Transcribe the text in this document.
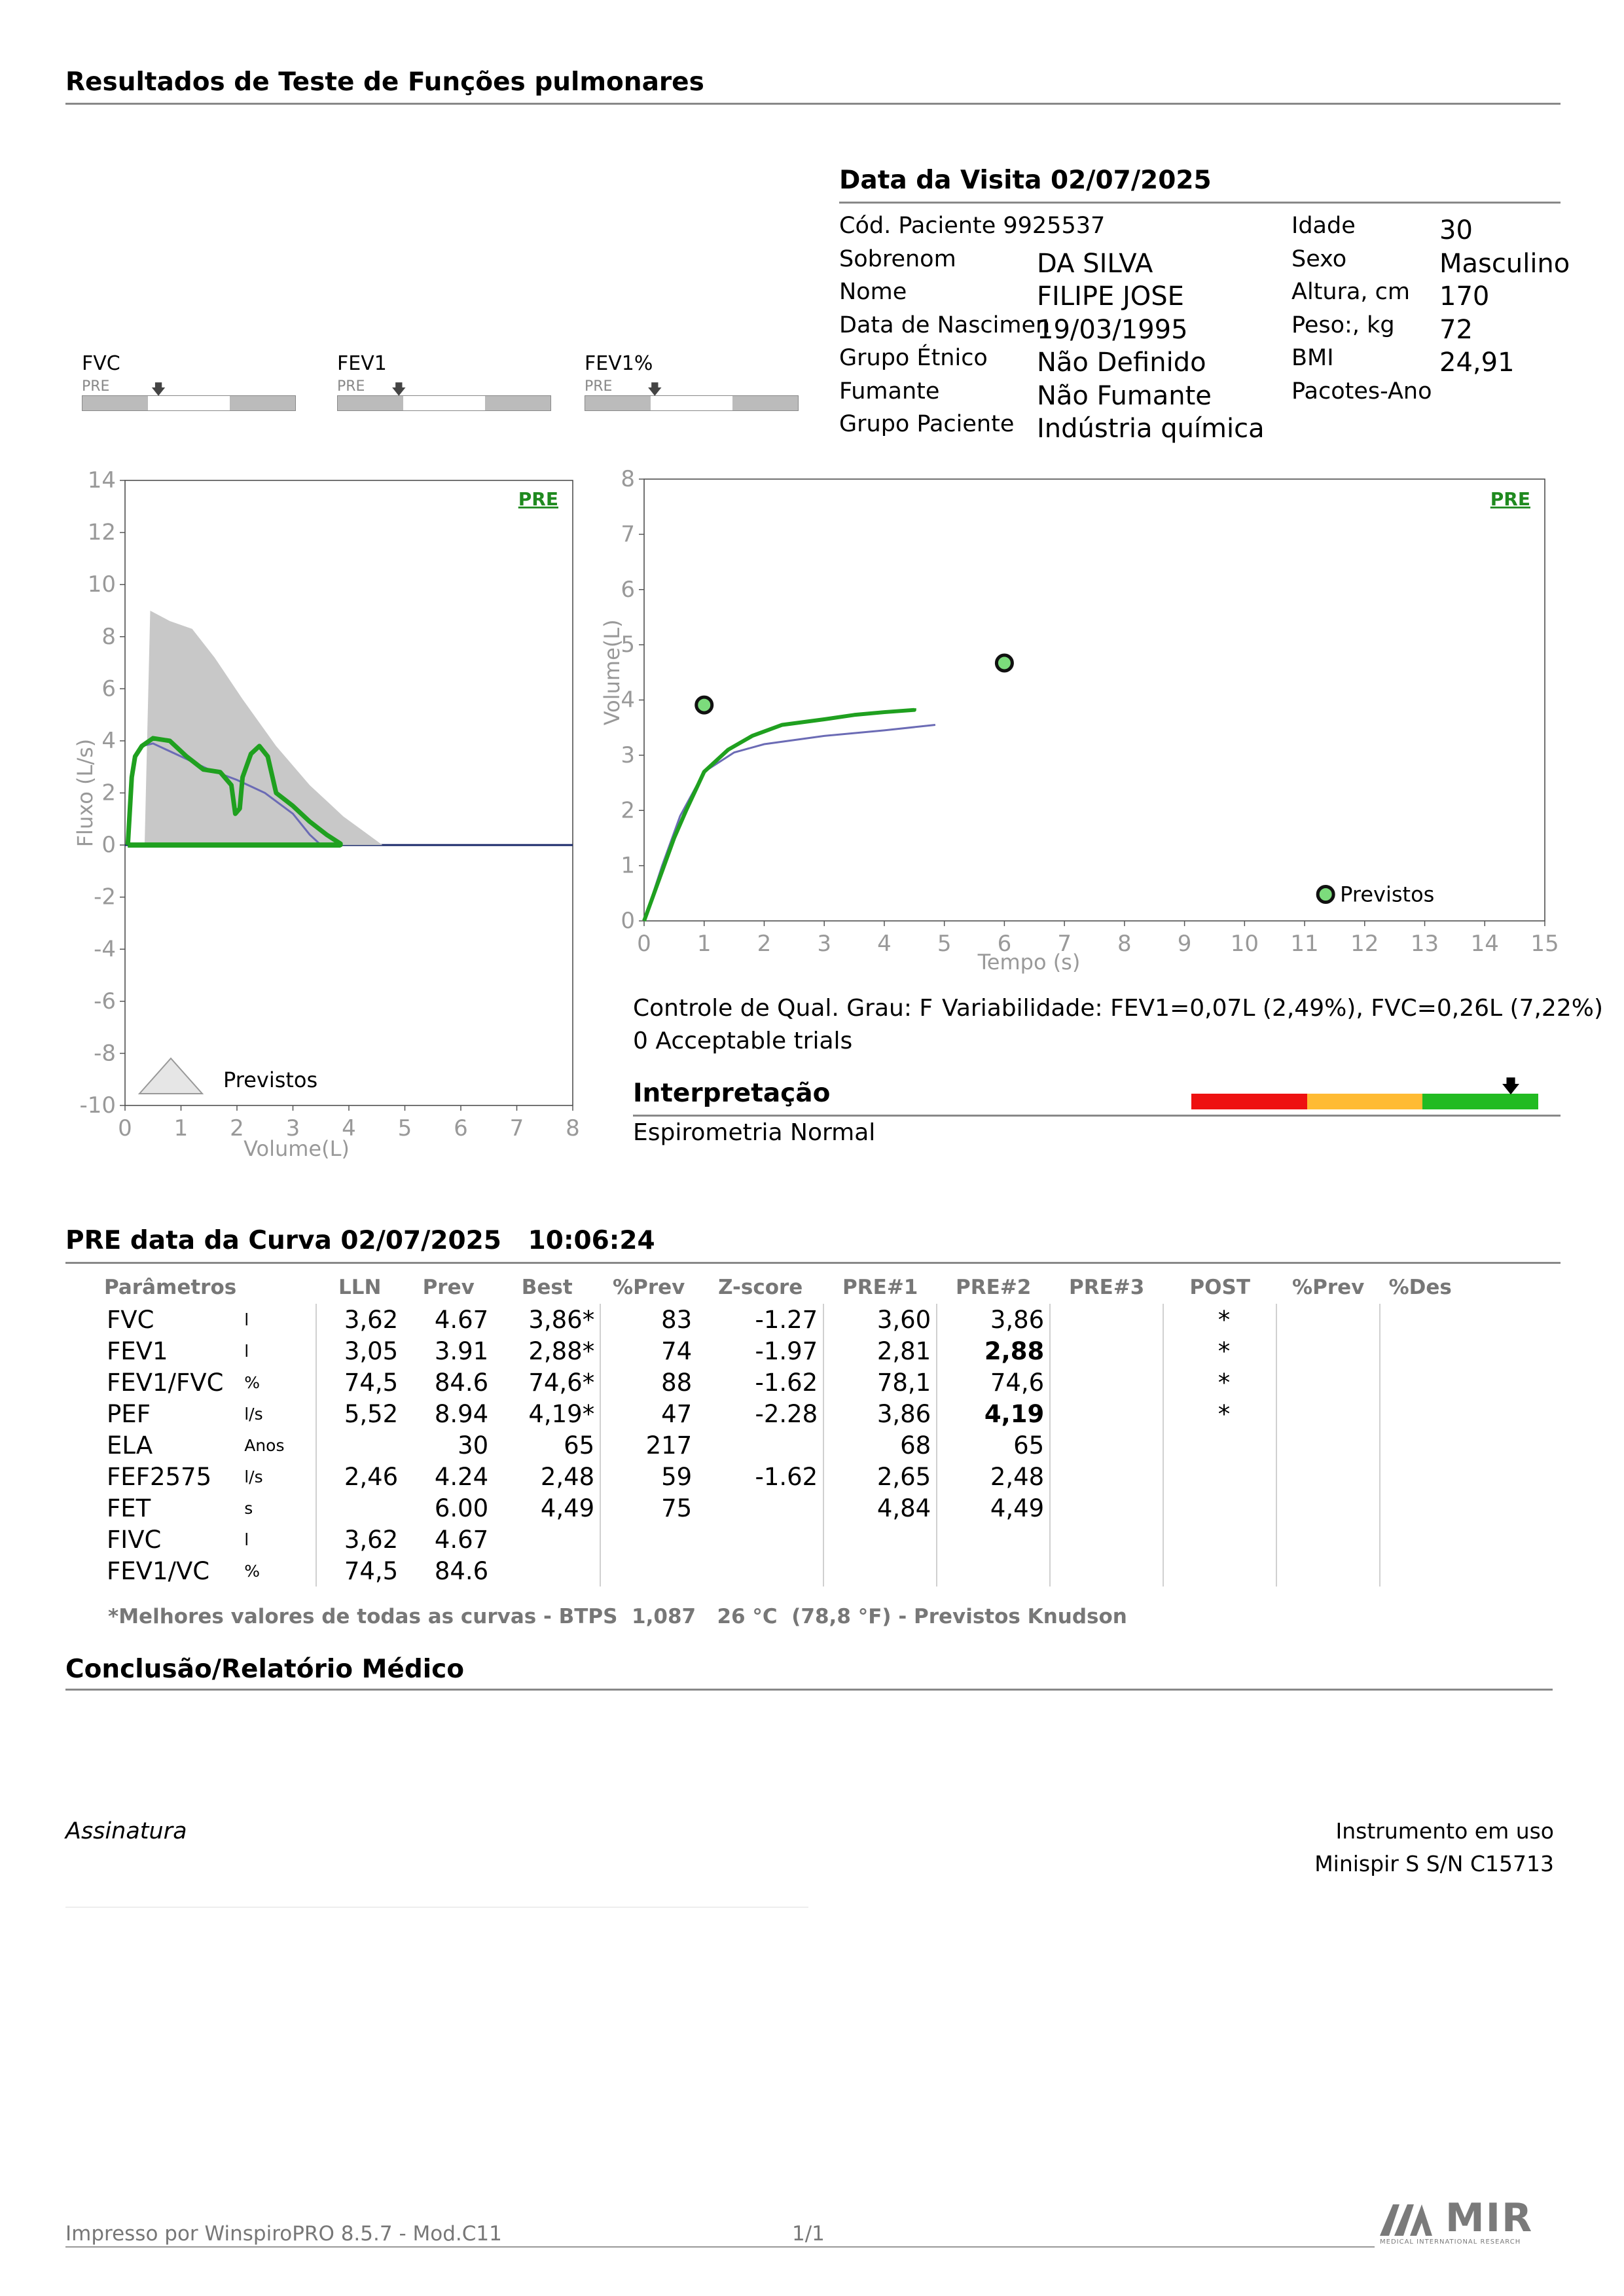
Resultados de Teste de Funções pulmonares
Data da Visita 02/07/2025
Cód. Paciente 9925537
Sobrenom	DA SILVA
Nome	FILIPE JOSE
Data de Nascimen
19/03/1995
Grupo Étnico Não Definido
Fumante	Não Fumante
Grupo Paciente Indústria química
Idade	30
Sexo	Masculino
Altura, cm 170
Peso:, kg 72
BMI	24,91
Pacotes-Ano
FVC
PRE	🡇
FEV1
PRE 🡇
FEV1%
PRE 🡇
14
12
10
8
6
4
2
0
-2
-4
-6
-8
-10
0 1 2 3 4 5 6 7 8
Volume(L)
Fluxo (L/s)
PRE
Previstos
8
7
6
5
4
3
2
1
0
0 1 2 3 4 5 6 7 8 9 10 11 12 13 14 15
Tempo (s)
Volume(L)
PRE
Previstos
Controle de Qual. Grau: F Variabilidade: FEV1=0,07L (2,49%), FVC=0,26L (7,22%)
0 Acceptable trials
Interpretação	🡇
Espirometria Normal
PRE data da Curva 02/07/2025   10:06:24
Parâmetros		LLN	Prev	Best	%Prev	Z-score	PRE#1	PRE#2	PRE#3	POST	%Prev	%Des
FVC	l	3,62	4.67	3,86*	83	-1.27	3,60	3,86		*		
FEV1	l	3,05	3.91	2,88*	74	-1.97	2,81	2,88		*		
FEV1/FVC	%	74,5	84.6	74,6*	88	-1.62	78,1	74,6		*		
PEF	l/s	5,52	8.94	4,19*	47	-2.28	3,86	4,19		*		
ELA	Anos		30	65	217		68	65				
FEF2575	l/s	2,46	4.24	2,48	59	-1.62	2,65	2,48				
FET	s		6.00	4,49	75		4,84	4,49				
FIVC	l	3,62	4.67									
FEV1/VC	%	74,5	84.6									
*Melhores valores de todas as curvas - BTPS  1,087   26 °C  (78,8 °F) - Previstos Knudson
Conclusão/Relatório Médico
Assinatura	Instrumento em uso
Minispir S S/N C15713
Impresso por WinspiroPRO 8.5.7 - Mod.C11	1/1	MIR
MEDICAL INTERNATIONAL RESEARCH
